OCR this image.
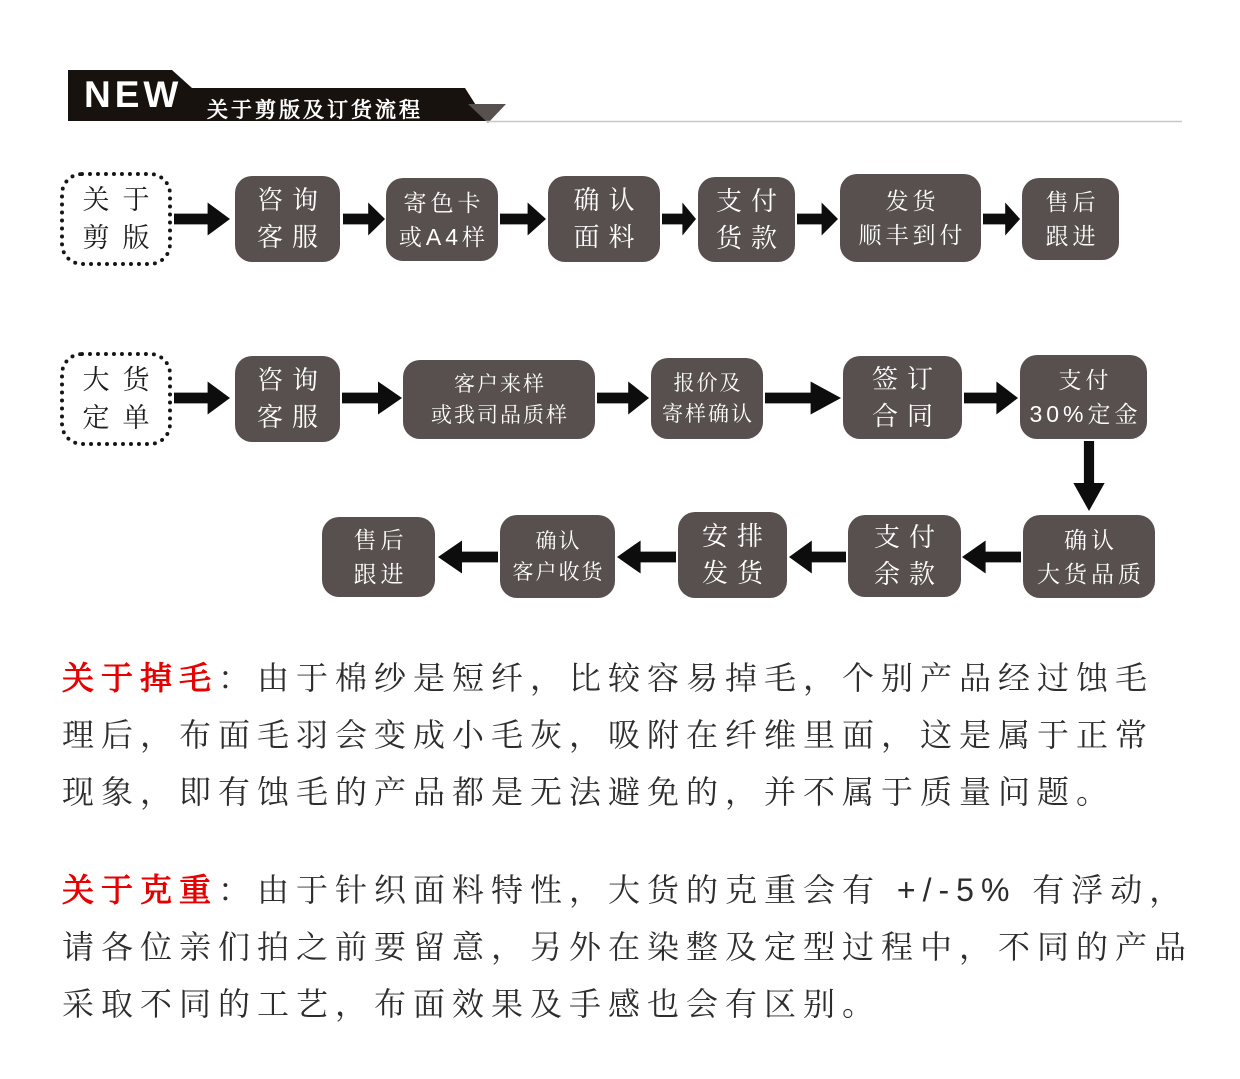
NEW 关于剪版及订货流程
关于
剪版
咨询
客服
寄色卡
或A4样
确认
面料
支付
货款
发货
顺丰到付
售后
跟进
大货
定单
咨询
客服
客户来样
或我司品质样
报价及
寄样确认
签订
合同
支付
30%定金
确认
大货品质
支付
余款
安排
发货
确认
客户收货
售后
跟进
关于掉毛：由于棉纱是短纤，比较容易掉毛，个别产品经过蚀毛
理后，布面毛羽会变成小毛灰，吸附在纤维里面，这是属于正常
现象，即有蚀毛的产品都是无法避免的，并不属于质量问题。
关于克重：由于针织面料特性，大货的克重会有 +/-5% 有浮动，
请各位亲们拍之前要留意，另外在染整及定型过程中，不同的产品
采取不同的工艺，布面效果及手感也会有区别。
